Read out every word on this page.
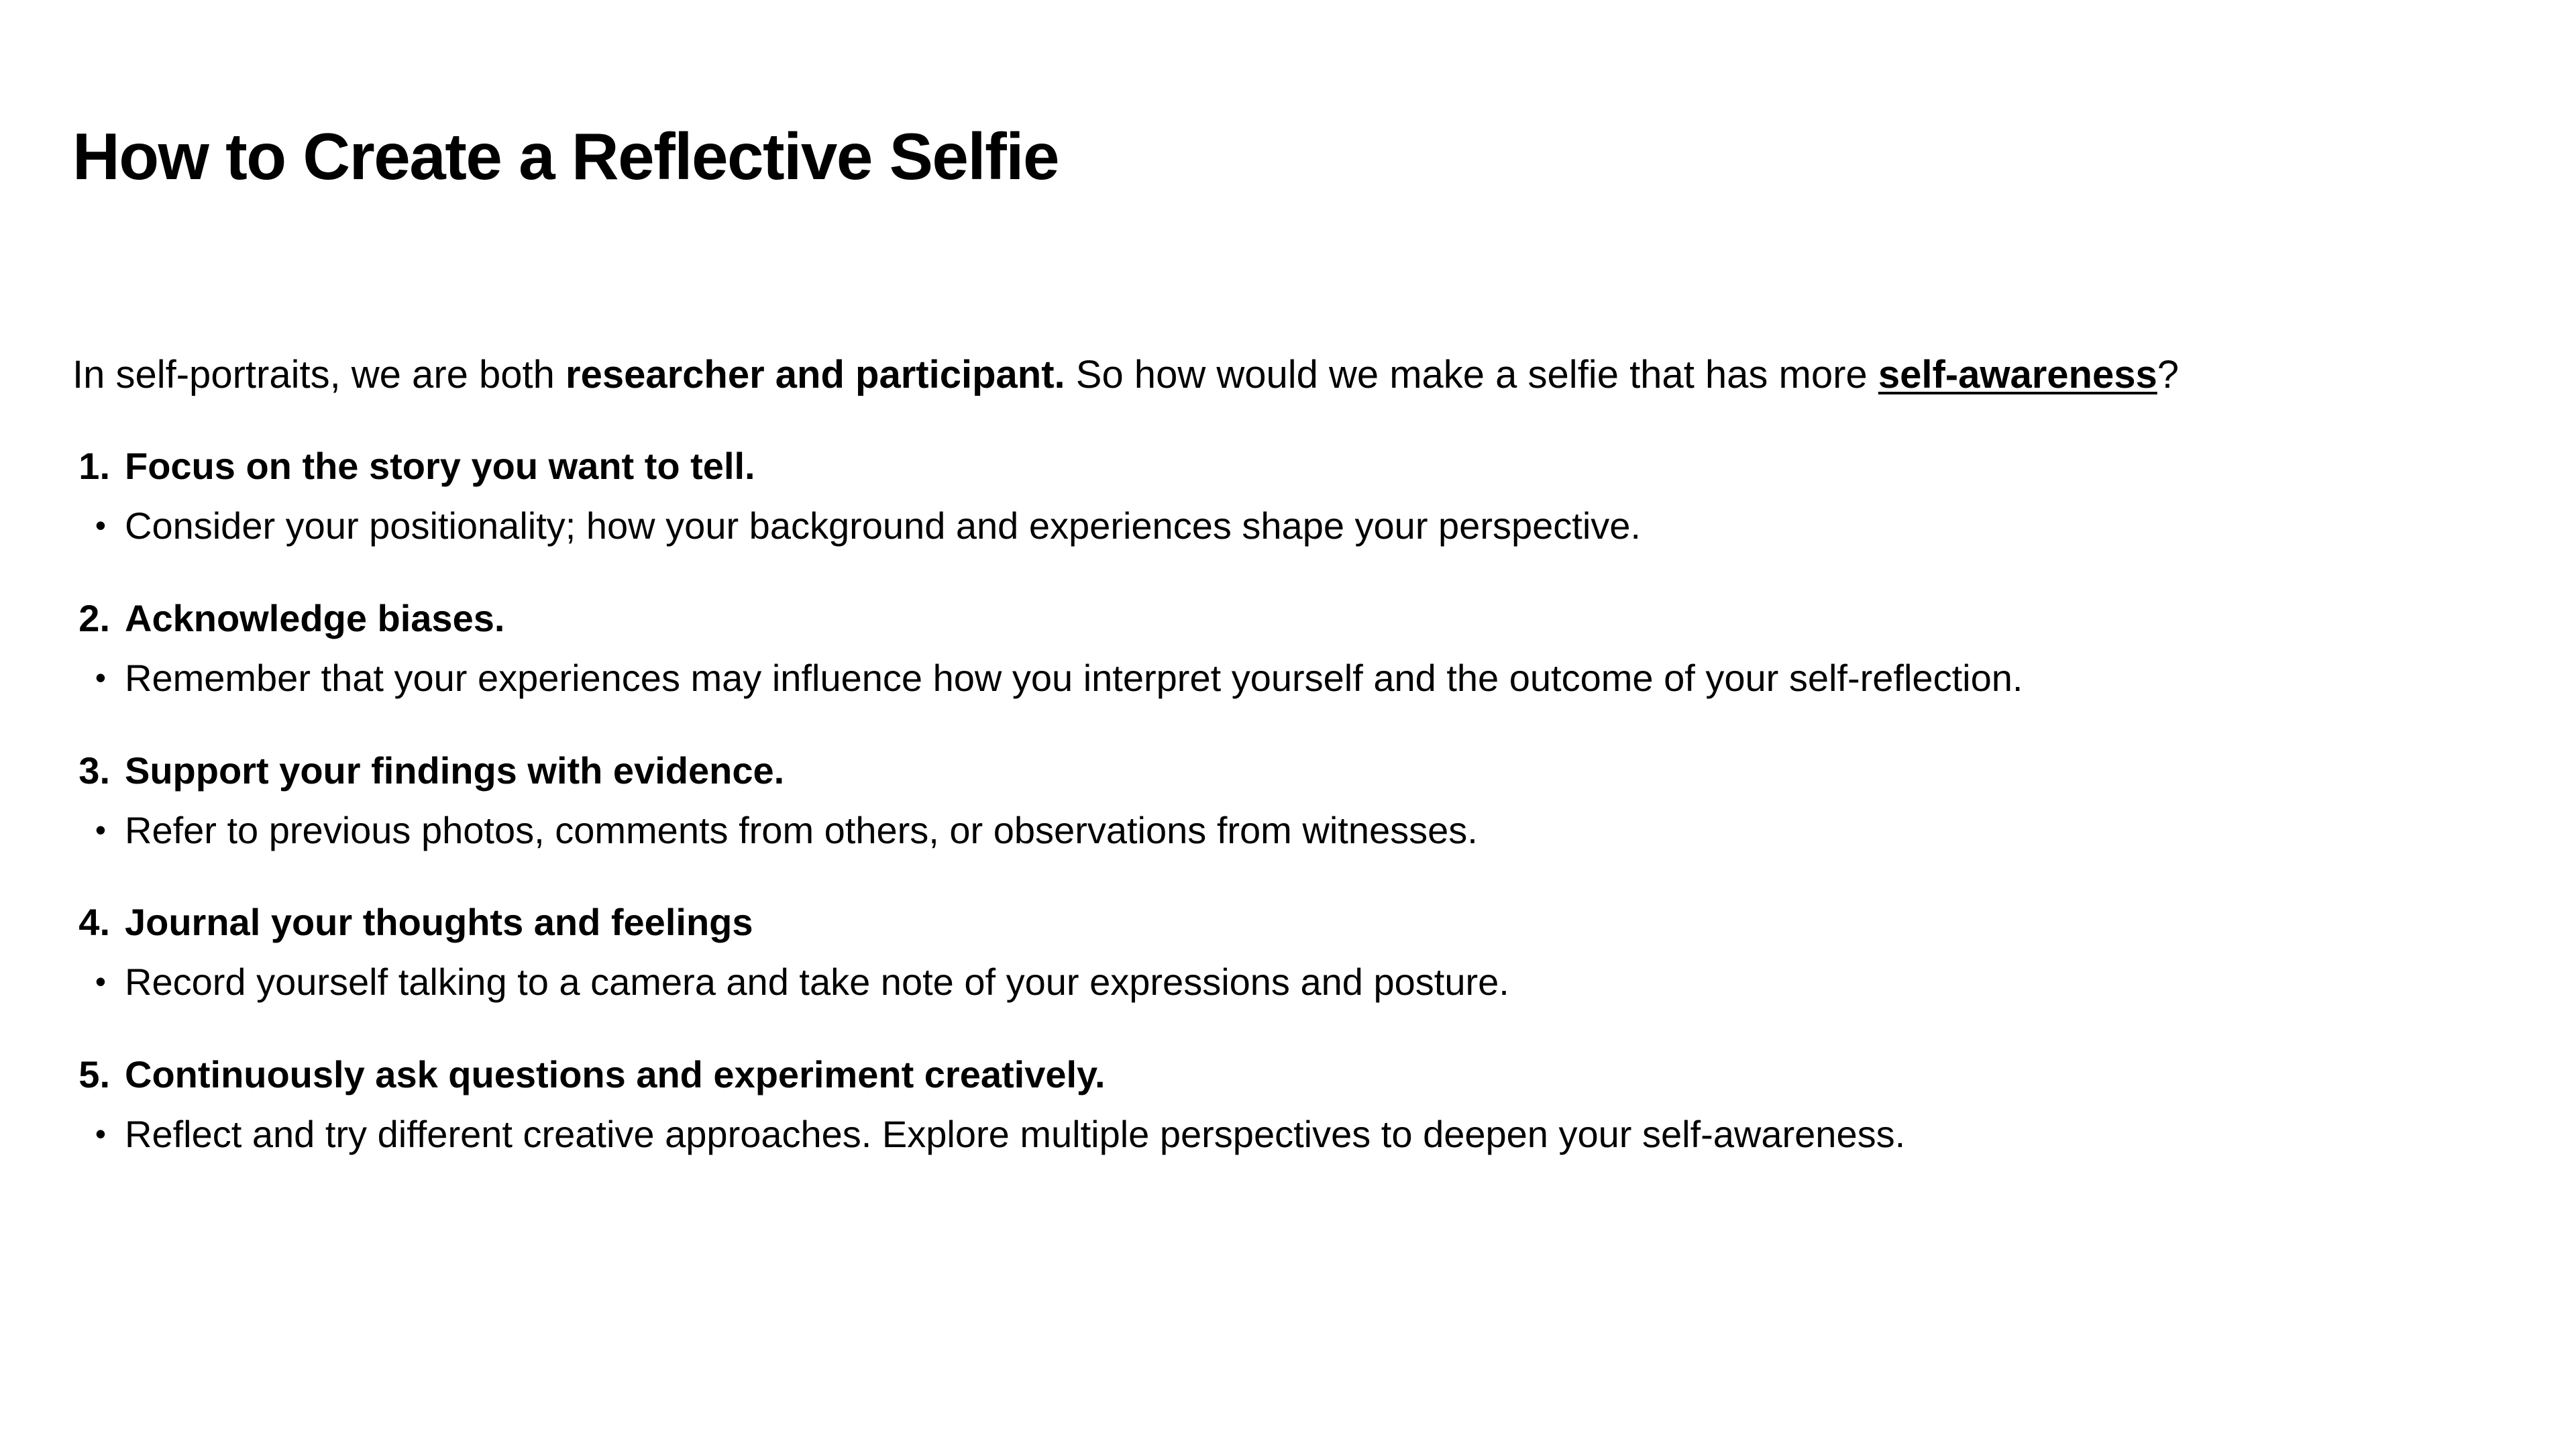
How to Create a Reflective Selfie

In self-portraits, we are both researcher and participant. So how would we make a selfie that has more self-awareness?

1. Focus on the story you want to tell.
• Consider your positionality; how your background and experiences shape your perspective.
2. Acknowledge biases.
• Remember that your experiences may influence how you interpret yourself and the outcome of your self-reflection.
3. Support your findings with evidence.
• Refer to previous photos, comments from others, or observations from witnesses.
4. Journal your thoughts and feelings
• Record yourself talking to a camera and take note of your expressions and posture.
5. Continuously ask questions and experiment creatively.
• Reflect and try different creative approaches. Explore multiple perspectives to deepen your self-awareness.
